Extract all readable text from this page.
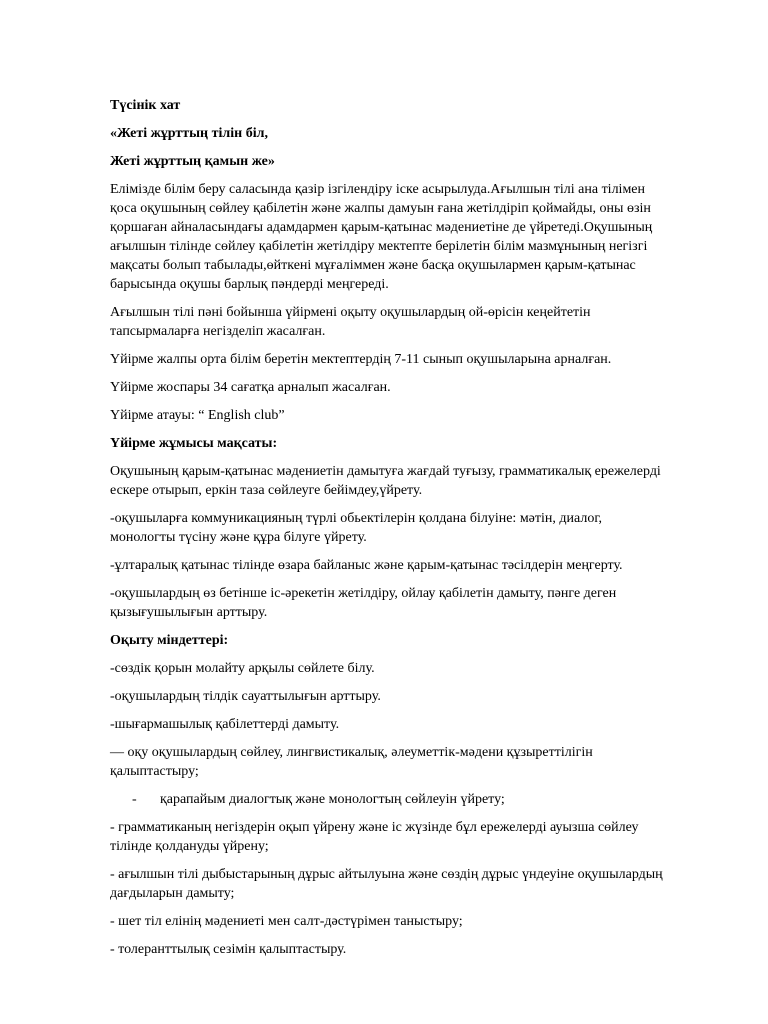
Түсінік хат

«Жеті жұрттың тілін біл,

Жеті жұрттың қамын же»

Елімізде білім беру саласында қазір ізгілендіру іске асырылуда.Ағылшын тілі ана тілімен қоса оқушының сөйлеу қабілетін және жалпы дамуын ғана жетілдіріп қоймайды, оны өзін қоршаған айналасындағы адамдармен қарым-қатынас мәдениетіне де үйретеді.Оқушының ағылшын тілінде сөйлеу қабілетін жетілдіру мектепте берілетін білім мазмұнының негізгі мақсаты болып табылады,өйткені мұғаліммен және басқа оқушылармен қарым-қатынас барысында оқушы барлық пәндерді меңгереді.

Ағылшын тілі пәні бойынша үйірмені оқыту оқушылардың ой-өрісін кеңейтетін тапсырмаларға негізделіп жасалған.

Үйірме жалпы орта білім беретін мектептердің 7-11 сынып оқушыларына арналған.

Үйірме жоспары 34 сағатқа арналып жасалған.

Үйірме атауы: “ English club”

Үйірме жұмысы мақсаты:

Оқушының қарым-қатынас мәдениетін дамытуға жағдай туғызу, грамматикалық ережелерді ескере отырып, еркін таза сөйлеуге бейімдеу,үйрету.

-оқушыларға коммуникацияның түрлі обьектілерін қолдана білуіне: мәтін, диалог, монологты түсіну және құра білуге үйрету.

-ұлтаралық қатынас тілінде өзара байланыс және қарым-қатынас тәсілдерін меңгерту.

-оқушылардың өз бетінше іс-әрекетін жетілдіру, ойлау қабілетін дамыту, пәнге деген қызығушылығын арттыру.

Оқыту міндеттері:

-сөздік қорын молайту арқылы сөйлете білу.

-оқушылардың тілдік сауаттылығын арттыру.

-шығармашылық қабілеттерді дамыту.

— оқу оқушылардың сөйлеу, лингвистикалық, әлеуметтік-мәдени құзыреттілігін қалыптастыру;

-	қарапайым диалогтық және монологтың сөйлеуін үйрету;

- грамматиканың негіздерін оқып үйрену және іс жүзінде бұл ережелерді ауызша сөйлеу тілінде қолдануды үйрену;

- ағылшын тілі дыбыстарының дұрыс айтылуына және сөздің дұрыс үндеуіне оқушылардың дағдыларын дамыту;

- шет тіл елінің мәдениеті мен салт-дәстүрімен таныстыру;

- толеранттылық сезімін қалыптастыру.
